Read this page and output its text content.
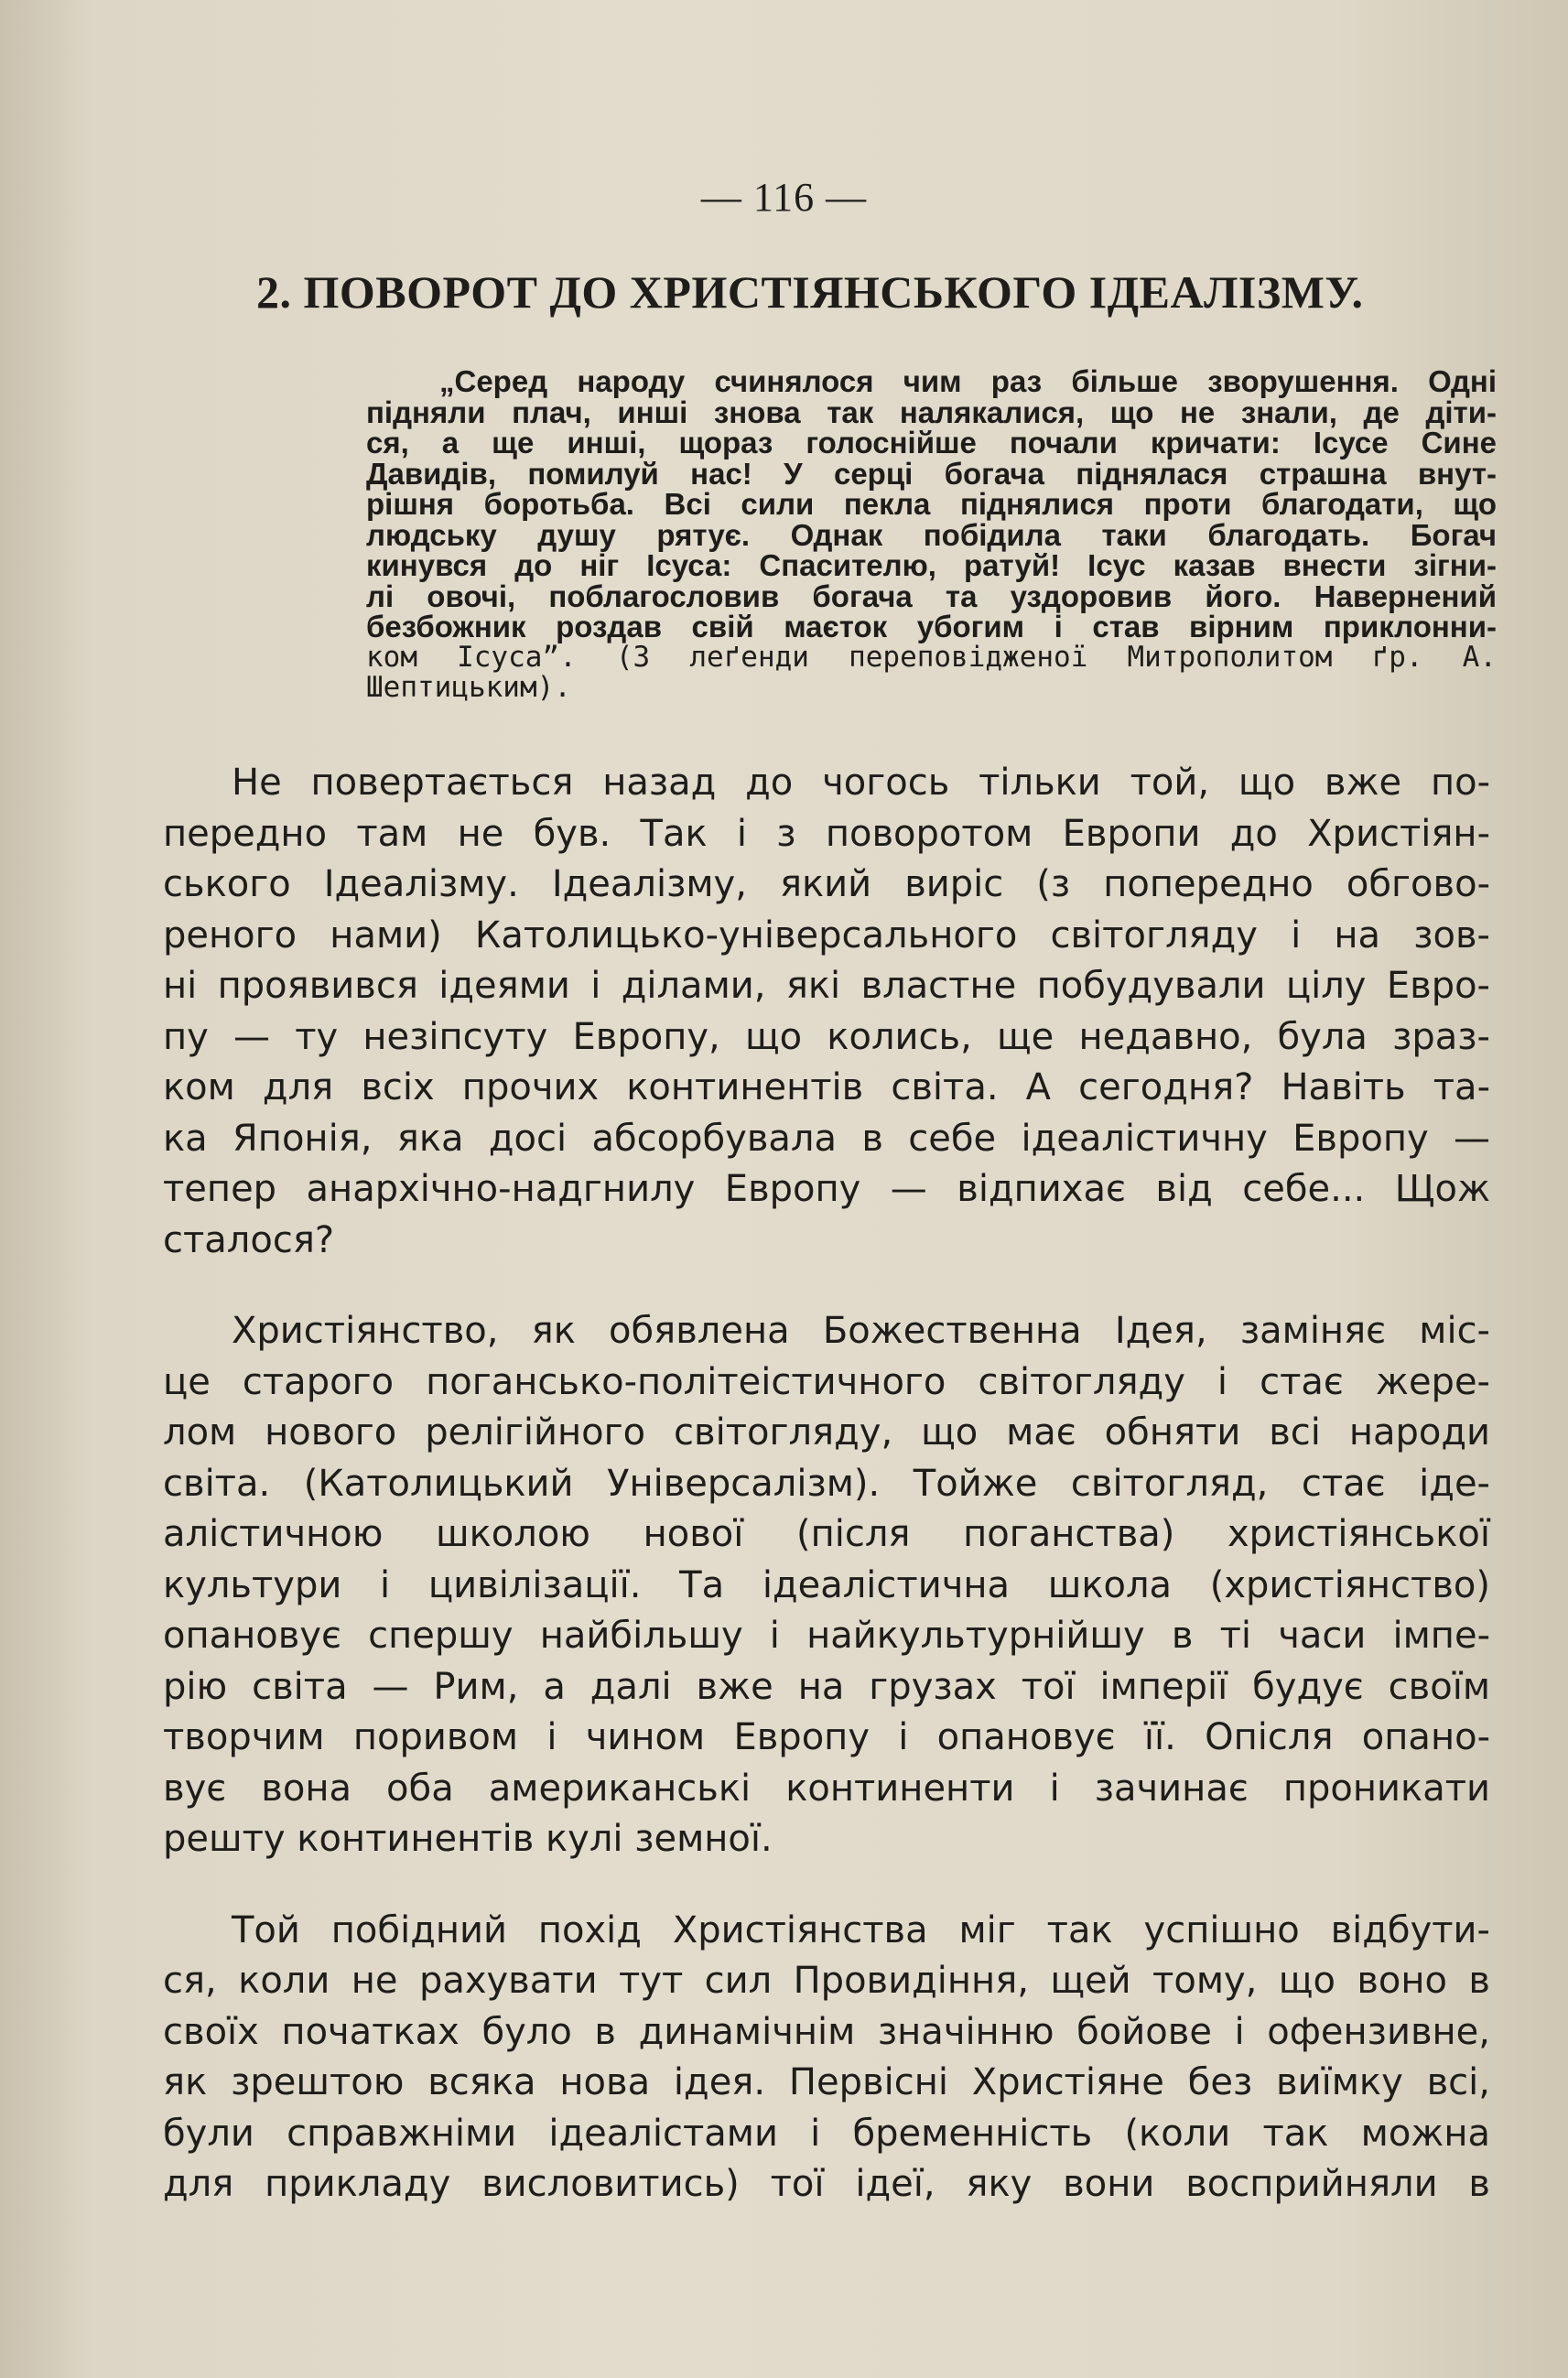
— 116 —
2. ПОВОРОТ ДО ХРИСТІЯНСЬКОГО ІДЕАЛІЗМУ.
„Серед народу счинялося чим раз більше зворушення. Одні
підняли плач, инші знова так налякалися, що не знали, де діти-
ся, а ще инші, щораз голоснійше почали кричати: Ісусе Сине
Давидів, помилуй нас! У серці богача піднялася страшна внут-
рішня боротьба. Всі сили пекла піднялися проти благодати, що
людську душу рятує. Однак побідила таки благодать. Богач
кинувся до ніг Ісуса: Спасителю, ратуй! Ісус казав внести зігни-
лі овочі, поблагословив богача та уздоровив його. Навернений
безбожник роздав свій маєток убогим і став вірним приклонни-
ком Ісуса”. (З леґенди переповідженої Митрополитом ґр. А.
Шептицьким).
Не повертається назад до чогось тільки той, що вже по-
передно там не був. Так і з поворотом Европи до Христіян-
ського Ідеалізму. Ідеалізму, який виріс (з попередно обгово-
реного нами) Католицько-універсального світогляду і на зов-
ні проявився ідеями і ділами, які властне побудували цілу Евро-
пу — ту незіпсуту Европу, що колись, ще недавно, була зраз-
ком для всіх прочих континентів світа. А сегодня? Навіть та-
ка Японія, яка досі абсорбувала в себе ідеалістичну Европу —
тепер анархічно-надгнилу Европу — відпихає від себе... Щож
сталося?
Христіянство, як обявлена Божественна Ідея, заміняє міс-
це старого погансько-політеістичного світогляду і стає жере-
лом нового релігійного світогляду, що має обняти всі народи
світа. (Католицький Універсалізм). Тойже світогляд, стає іде-
алістичною школою нової (після поганства) христіянської
культури і цивілізації. Та ідеалістична школа (христіянство)
опановує спершу найбільшу і найкультурнійшу в ті часи імпе-
рію світа — Рим, а далі вже на грузах тої імперії будує своїм
творчим поривом і чином Европу і опановує її. Опісля опано-
вує вона оба американські континенти і зачинає проникати
решту континентів кулі земної.
Той побідний похід Христіянства міг так успішно відбути-
ся, коли не рахувати тут сил Провидіння, щей тому, що воно в
своїх початках було в динамічнім значінню бойове і офензивне,
як зрештою всяка нова ідея. Первісні Христіяне без виїмку всі,
були справжніми ідеалістами і бременність (коли так можна
для прикладу висловитись) тої ідеї, яку вони восприйняли в
